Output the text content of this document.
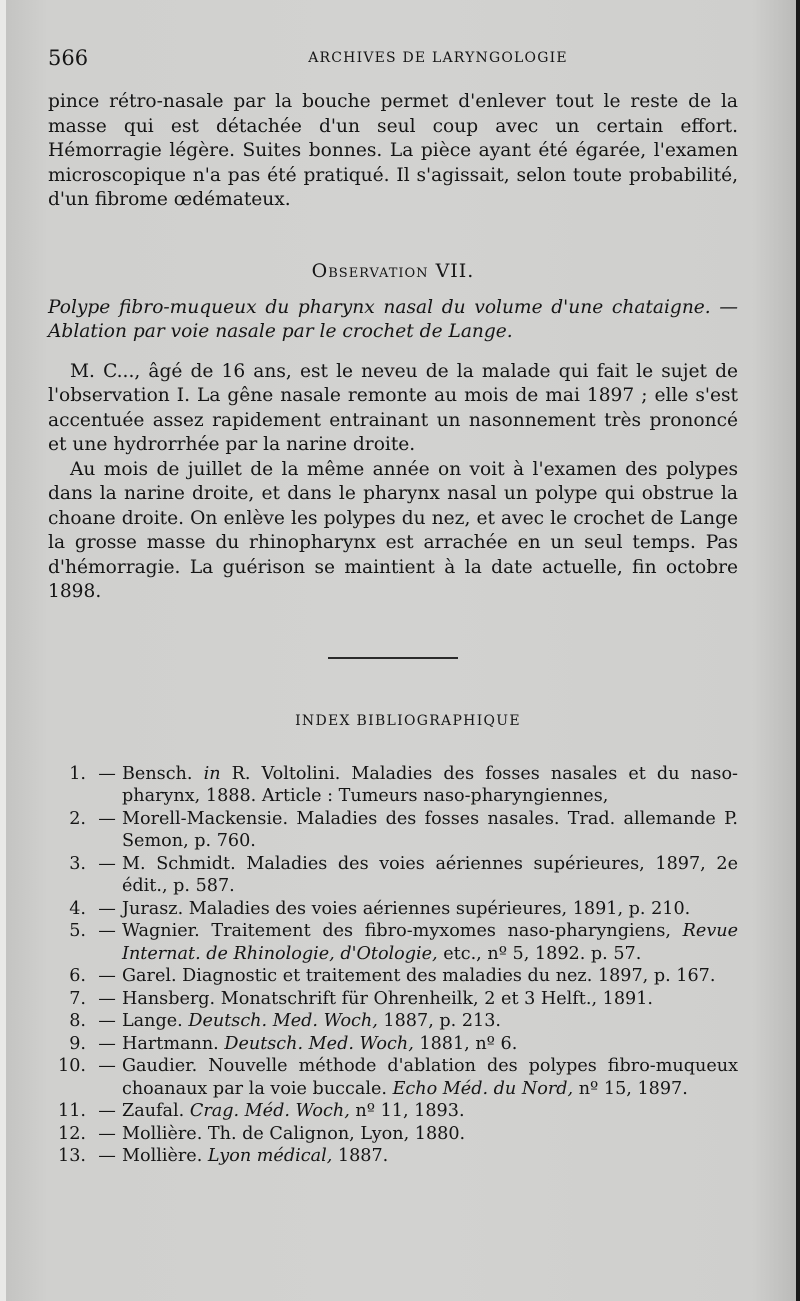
566	ARCHIVES DE LARYNGOLOGIE

pince rétro-nasale par la bouche permet d'enlever tout le reste de la masse qui est détachée d'un seul coup avec un certain effort. Hémorragie légère. Suites bonnes. La pièce ayant été égarée, l'examen microscopique n'a pas été pratiqué. Il s'agissait, selon toute probabilité, d'un fibrome œdémateux.

Observation VII.

Polype fibro-muqueux du pharynx nasal du volume d'une chataigne. — Ablation par voie nasale par le crochet de Lange.

M. C..., âgé de 16 ans, est le neveu de la malade qui fait le sujet de l'observation I. La gêne nasale remonte au mois de mai 1897 ; elle s'est accentuée assez rapidement entrainant un nasonnement très prononcé et une hydrorrhée par la narine droite.

Au mois de juillet de la même année on voit à l'examen des polypes dans la narine droite, et dans le pharynx nasal un polype qui obstrue la choane droite. On enlève les polypes du nez, et avec le crochet de Lange la grosse masse du rhinopharynx est arrachée en un seul temps. Pas d'hémorragie. La guérison se maintient à la date actuelle, fin octobre 1898.

INDEX BIBLIOGRAPHIQUE
1. — Bensch. in R. Voltolini. Maladies des fosses nasales et du naso-pharynx, 1888. Article : Tumeurs naso-pharyngiennes,
2. — Morell-Mackensie. Maladies des fosses nasales. Trad. allemande P. Semon, p. 760.
3. — M. Schmidt. Maladies des voies aériennes supérieures, 1897, 2e édit., p. 587.
4. — Jurasz. Maladies des voies aériennes supérieures, 1891, p. 210.
5. — Wagnier. Traitement des fibro-myxomes naso-pharyngiens, Revue Internat. de Rhinologie, d'Otologie, etc., nº 5, 1892. p. 57.
6. — Garel. Diagnostic et traitement des maladies du nez. 1897, p. 167.
7. — Hansberg. Monatschrift für Ohrenheilk, 2 et 3 Helft., 1891.
8. — Lange. Deutsch. Med. Woch, 1887, p. 213.
9. — Hartmann. Deutsch. Med. Woch, 1881, nº 6.
10. — Gaudier. Nouvelle méthode d'ablation des polypes fibro-muqueux choanaux par la voie buccale. Echo Méd. du Nord, nº 15, 1897.
11. — Zaufal. Crag. Méd. Woch, nº 11, 1893.
12. — Mollière. Th. de Calignon, Lyon, 1880.
13. — Mollière. Lyon médical, 1887.
